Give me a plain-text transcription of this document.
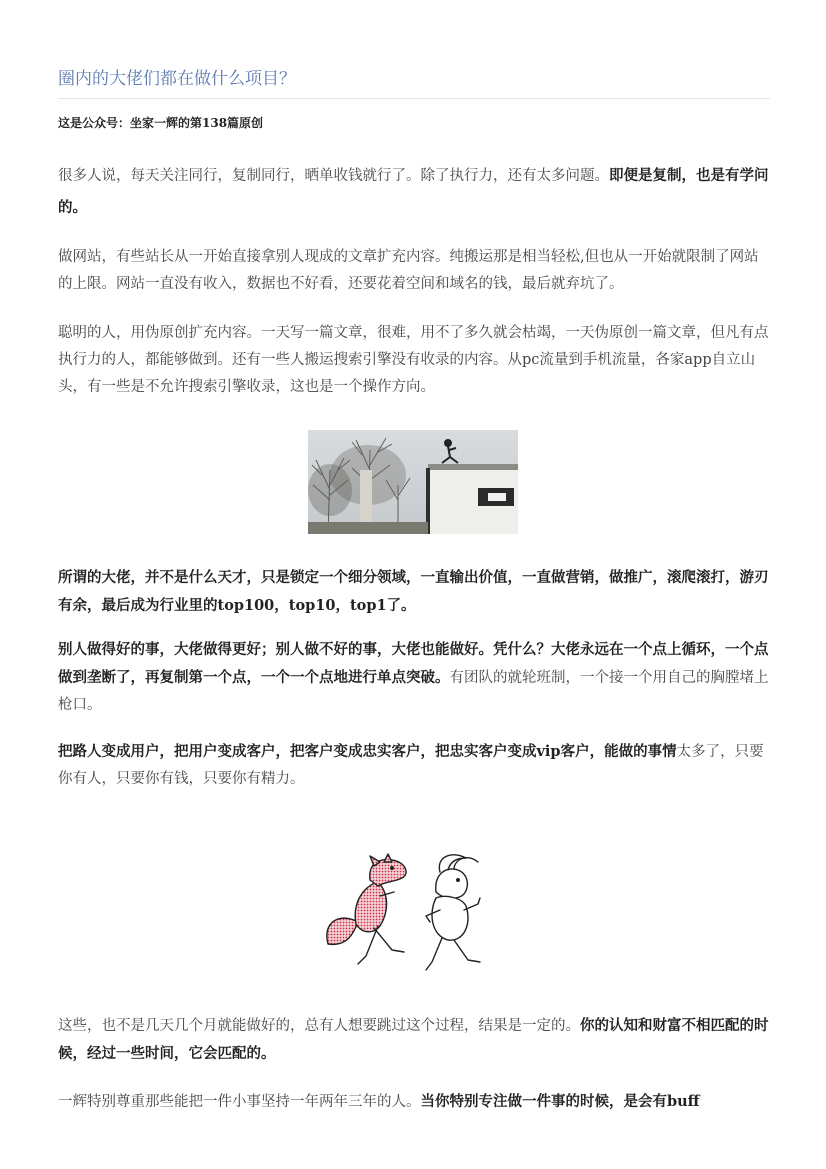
圈内的大佬们都在做什么项目？
这是公众号：坐家一辉的第138篇原创
很多人说，每天关注同行，复制同行，晒单收钱就行了。除了执行力，还有太多问题。即便是复制，也是有学问的。
做网站，有些站长从一开始直接拿别人现成的文章扩充内容。纯搬运那是相当轻松,但也从一开始就限制了网站的上限。网站一直没有收入，数据也不好看，还要花着空间和域名的钱，最后就弃坑了。
聪明的人，用伪原创扩充内容。一天写一篇文章，很难，用不了多久就会枯竭，一天伪原创一篇文章，但凡有点执行力的人，都能够做到。还有一些人搬运搜索引擎没有收录的内容。从pc流量到手机流量，各家app自立山头，有一些是不允许搜索引擎收录，这也是一个操作方向。
所谓的大佬，并不是什么天才，只是锁定一个细分领域，一直输出价值，一直做营销，做推广，滚爬滚打，游刃有余，最后成为行业里的top100，top10，top1了。
别人做得好的事，大佬做得更好；别人做不好的事，大佬也能做好。凭什么？大佬永远在一个点上循环，一个点做到垄断了，再复制第一个点，一个一个点地进行单点突破。有团队的就轮班制，一个接一个用自己的胸膛堵上枪口。
把路人变成用户，把用户变成客户，把客户变成忠实客户，把忠实客户变成vip客户，能做的事情太多了，只要你有人，只要你有钱，只要你有精力。
这些，也不是几天几个月就能做好的，总有人想要跳过这个过程，结果是一定的。你的认知和财富不相匹配的时候，经过一些时间，它会匹配的。
一辉特别尊重那些能把一件小事坚持一年两年三年的人。当你特别专注做一件事的时候，是会有buff
